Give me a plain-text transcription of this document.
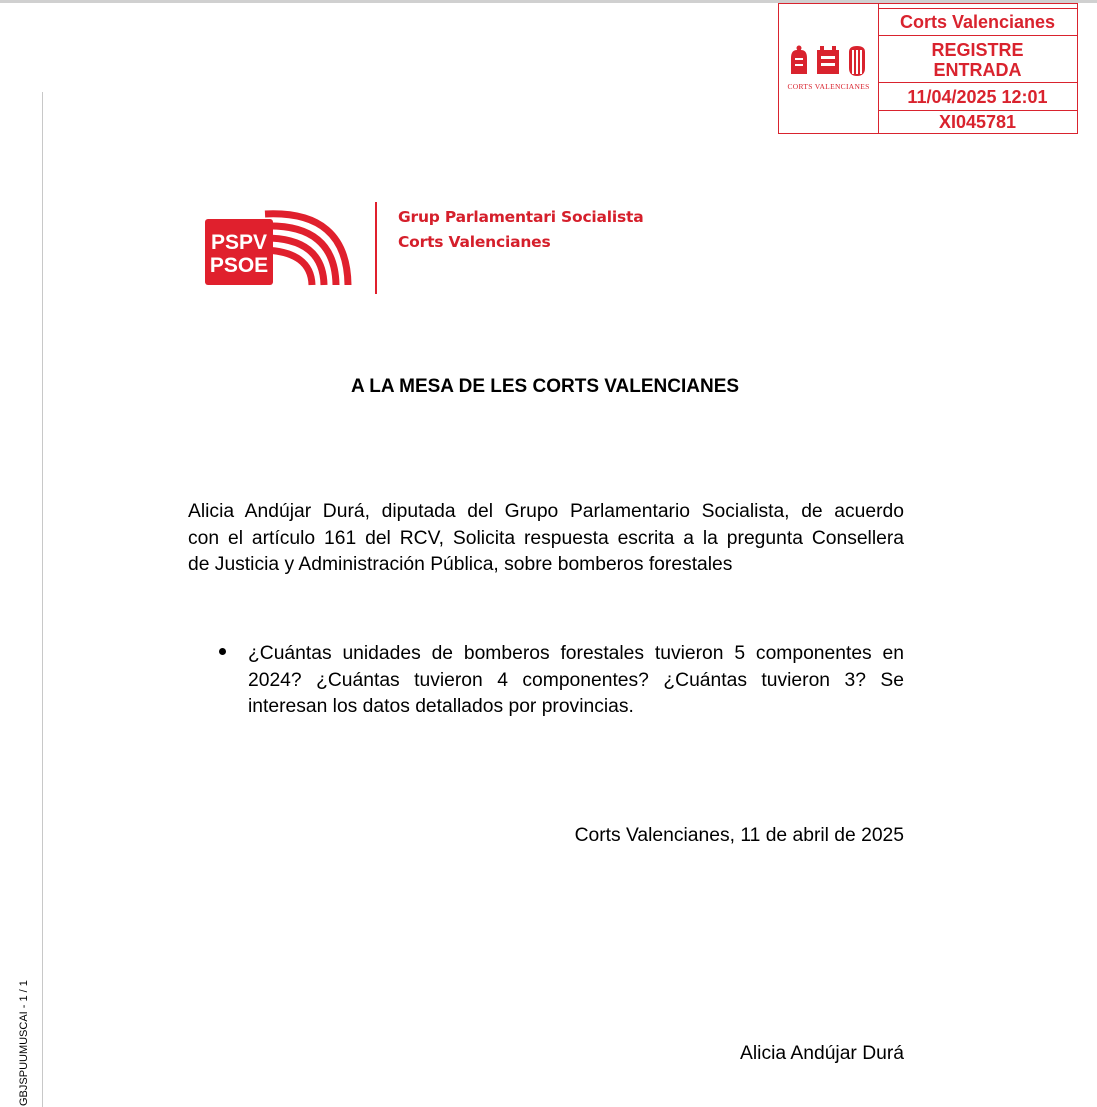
CORTS VALENCIANES
Corts Valencianes
REGISTRE
ENTRADA
11/04/2025 12:01
XI045781
PSPV
PSOE
Grup Parlamentari Socialista
Corts Valencianes
A LA MESA DE LES CORTS VALENCIANES
Alicia Andújar Durá, diputada del Grupo Parlamentario Socialista, de acuerdo
con el artículo 161 del RCV, Solicita respuesta escrita a la pregunta Consellera
de Justicia y Administración Pública, sobre bomberos forestales
¿Cuántas unidades de bomberos forestales tuvieron 5 componentes en
2024? ¿Cuántas tuvieron 4 componentes? ¿Cuántas tuvieron 3? Se
interesan los datos detallados por provincias.
Corts Valencianes, 11 de abril de 2025
Alicia Andújar Durá
GBJSPUUMUSCAI - 1 / 1
